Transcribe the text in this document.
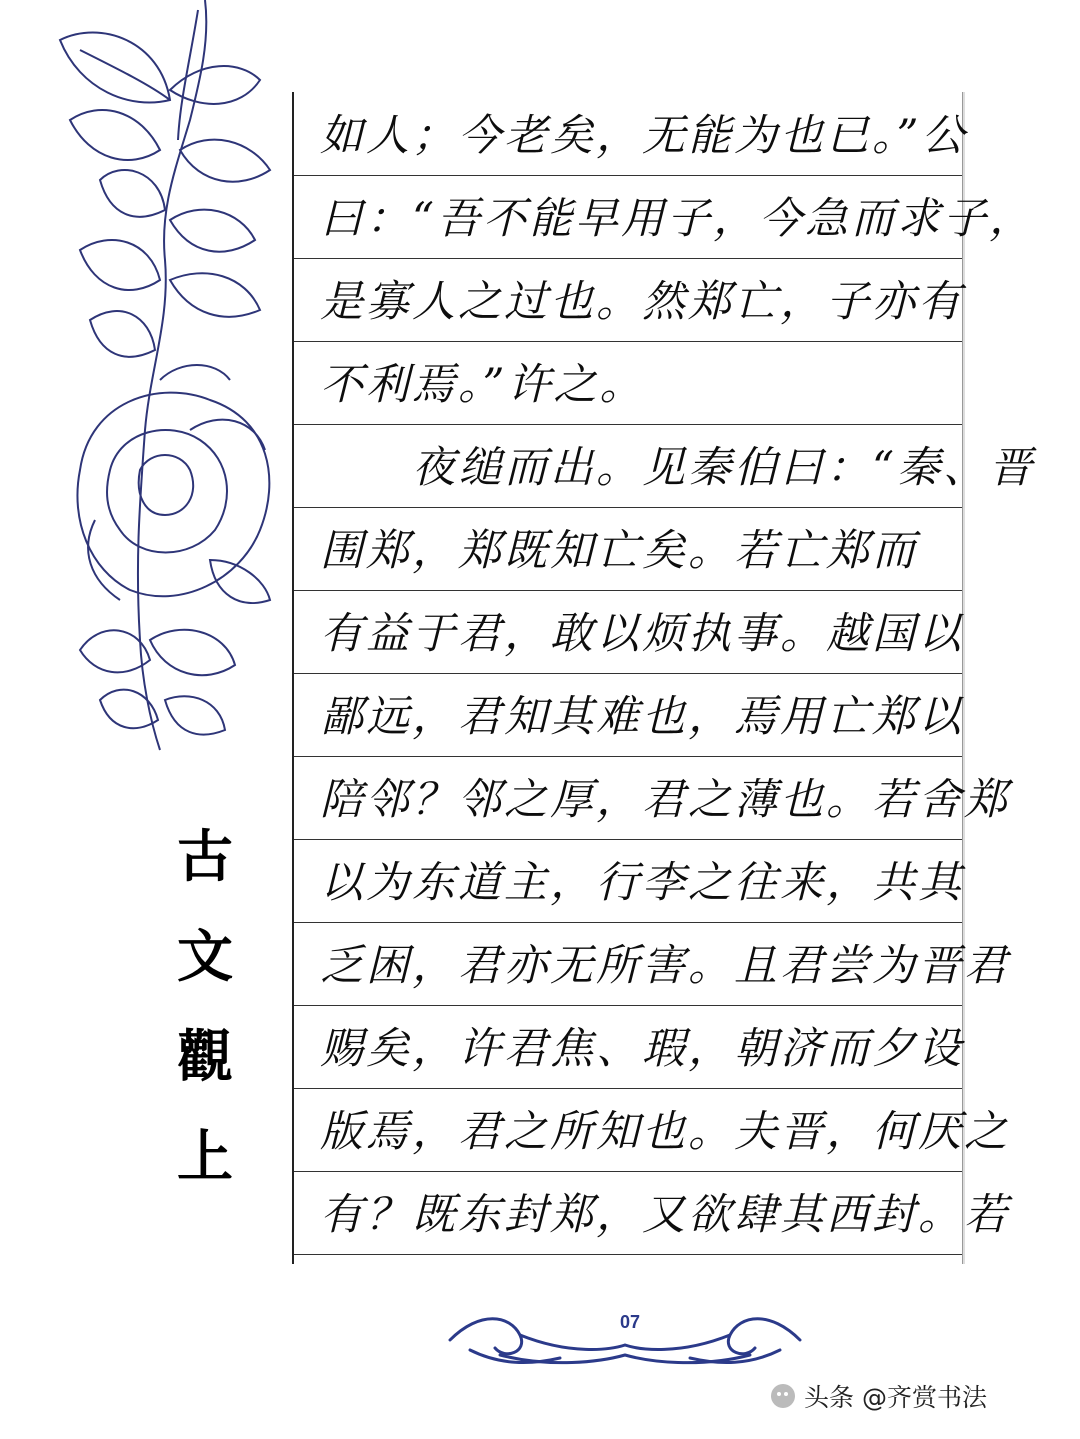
古
文
觀
上
如人；今老矣，无能为也已。”公
曰：“吾不能早用子，今急而求子，
是寡人之过也。然郑亡，子亦有
不利焉。”许之。
　　夜缒而出。见秦伯曰：“秦、晋
围郑，郑既知亡矣。若亡郑而
有益于君，敢以烦执事。越国以
鄙远，君知其难也，焉用亡郑以
陪邻？邻之厚，君之薄也。若舍郑
以为东道主，行李之往来，共其
乏困，君亦无所害。且君尝为晋君
赐矣，许君焦、瑕，朝济而夕设
版焉，君之所知也。夫晋，何厌之
有？既东封郑，又欲肆其西封。若
07
头条 @齐赏书法
